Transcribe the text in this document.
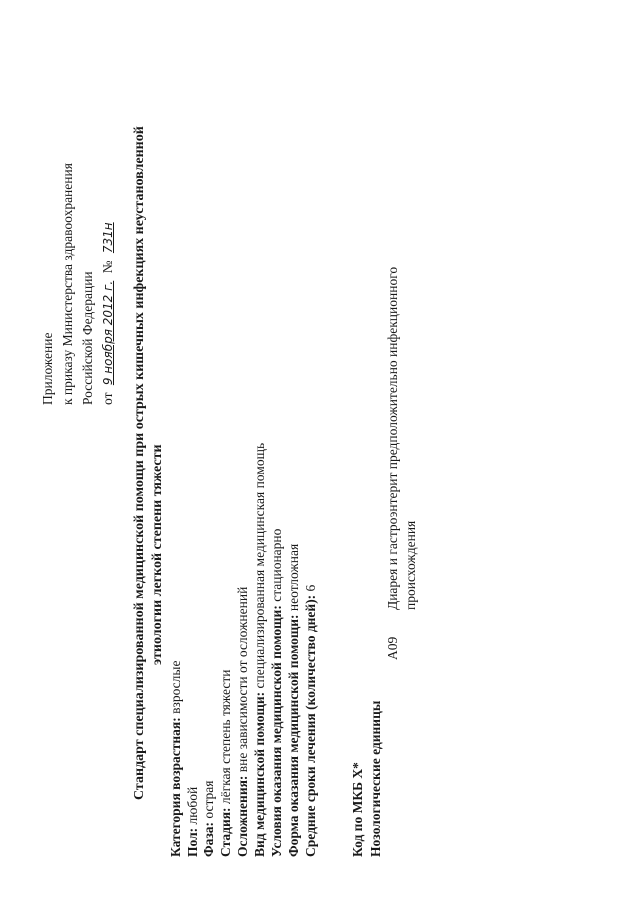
Приложение к приказу Министерства здравоохранения Российской Федерации от 9 ноября 2012 г. № 731н Стандарт специализированной медицинской помощи при острых кишечных инфекциях неустановленной этиологии легкой степени тяжести
Категория возрастная: взрослые
Пол: любой
Фаза: острая
Стадия: лёгкая степень тяжести
Осложнения: вне зависимости от осложнений
Вид медицинской помощи: специализированная медицинская помощь
Условия оказания медицинской помощи: стационарно
Форма оказания медицинской помощи: неотложная
Средние сроки лечения (количество дней): 6
Код по МКБ X* Нозологические единицы
A09
Диарея и гастроэнтерит предположительно инфекционного происхождения
